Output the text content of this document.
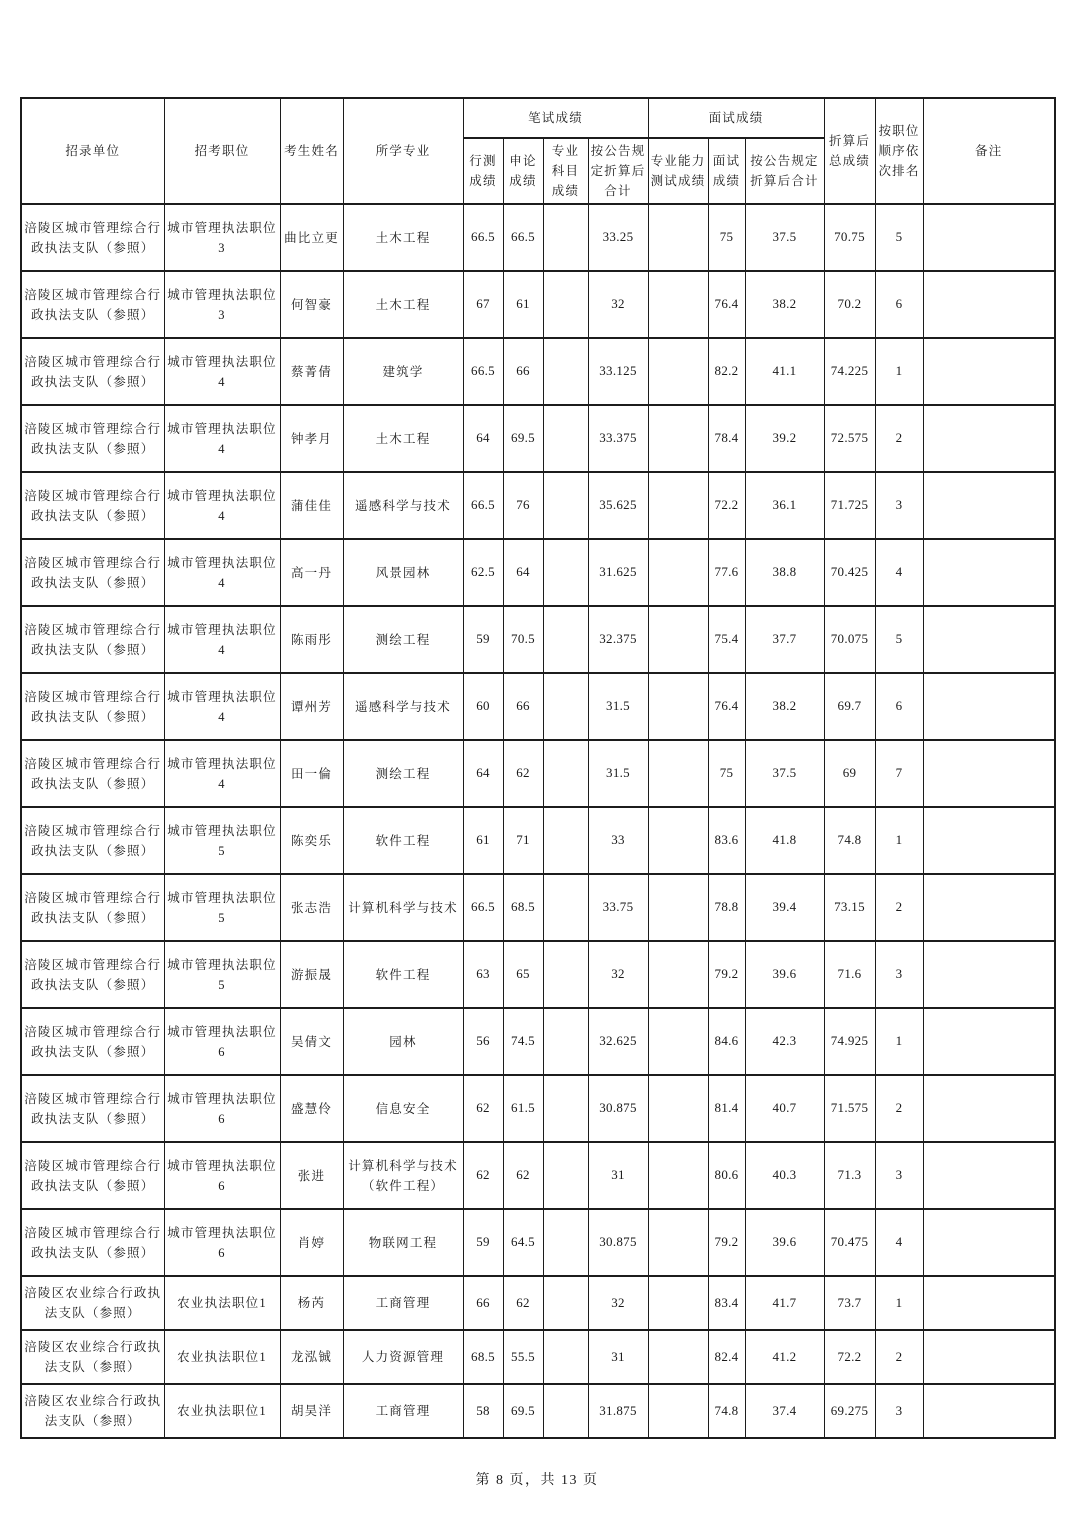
招录单位	招考职位	考生姓名	所学专业	笔试成绩				面试成绩			折算后总成绩	按职位顺序依次排名	备注
				行测成绩	申论成绩	专业科目成绩	按公告规定折算后合计	专业能力测试成绩	面试成绩	按公告规定折算后合计			
涪陵区城市管理综合行政执法支队（参照）	城市管理执法职位3	曲比立更	土木工程	66.5	66.5		33.25		75	37.5	70.75	5	
涪陵区城市管理综合行政执法支队（参照）	城市管理执法职位3	何智豪	土木工程	67	61		32		76.4	38.2	70.2	6	
涪陵区城市管理综合行政执法支队（参照）	城市管理执法职位4	蔡菁倩	建筑学	66.5	66		33.125		82.2	41.1	74.225	1	
涪陵区城市管理综合行政执法支队（参照）	城市管理执法职位4	钟孝月	土木工程	64	69.5		33.375		78.4	39.2	72.575	2	
涪陵区城市管理综合行政执法支队（参照）	城市管理执法职位4	蒲佳佳	遥感科学与技术	66.5	76		35.625		72.2	36.1	71.725	3	
涪陵区城市管理综合行政执法支队（参照）	城市管理执法职位4	高一丹	风景园林	62.5	64		31.625		77.6	38.8	70.425	4	
涪陵区城市管理综合行政执法支队（参照）	城市管理执法职位4	陈雨彤	测绘工程	59	70.5		32.375		75.4	37.7	70.075	5	
涪陵区城市管理综合行政执法支队（参照）	城市管理执法职位4	谭州芳	遥感科学与技术	60	66		31.5		76.4	38.2	69.7	6	
涪陵区城市管理综合行政执法支队（参照）	城市管理执法职位4	田一倫	测绘工程	64	62		31.5		75	37.5	69	7	
涪陵区城市管理综合行政执法支队（参照）	城市管理执法职位5	陈奕乐	软件工程	61	71		33		83.6	41.8	74.8	1	
涪陵区城市管理综合行政执法支队（参照）	城市管理执法职位5	张志浩	计算机科学与技术	66.5	68.5		33.75		78.8	39.4	73.15	2	
涪陵区城市管理综合行政执法支队（参照）	城市管理执法职位5	游振晟	软件工程	63	65		32		79.2	39.6	71.6	3	
涪陵区城市管理综合行政执法支队（参照）	城市管理执法职位6	吴倩文	园林	56	74.5		32.625		84.6	42.3	74.925	1	
涪陵区城市管理综合行政执法支队（参照）	城市管理执法职位6	盛慧伶	信息安全	62	61.5		30.875		81.4	40.7	71.575	2	
涪陵区城市管理综合行政执法支队（参照）	城市管理执法职位6	张进	计算机科学与技术（软件工程）	62	62		31		80.6	40.3	71.3	3	
涪陵区城市管理综合行政执法支队（参照）	城市管理执法职位6	肖婷	物联网工程	59	64.5		30.875		79.2	39.6	70.475	4	
涪陵区农业综合行政执法支队（参照）	农业执法职位1	杨芮	工商管理	66	62		32		83.4	41.7	73.7	1	
涪陵区农业综合行政执法支队（参照）	农业执法职位1	龙泓铖	人力资源管理	68.5	55.5		31		82.4	41.2	72.2	2	
涪陵区农业综合行政执法支队（参照）	农业执法职位1	胡昊洋	工商管理	58	69.5		31.875		74.8	37.4	69.275	3	
第 8 页，共 13 页
